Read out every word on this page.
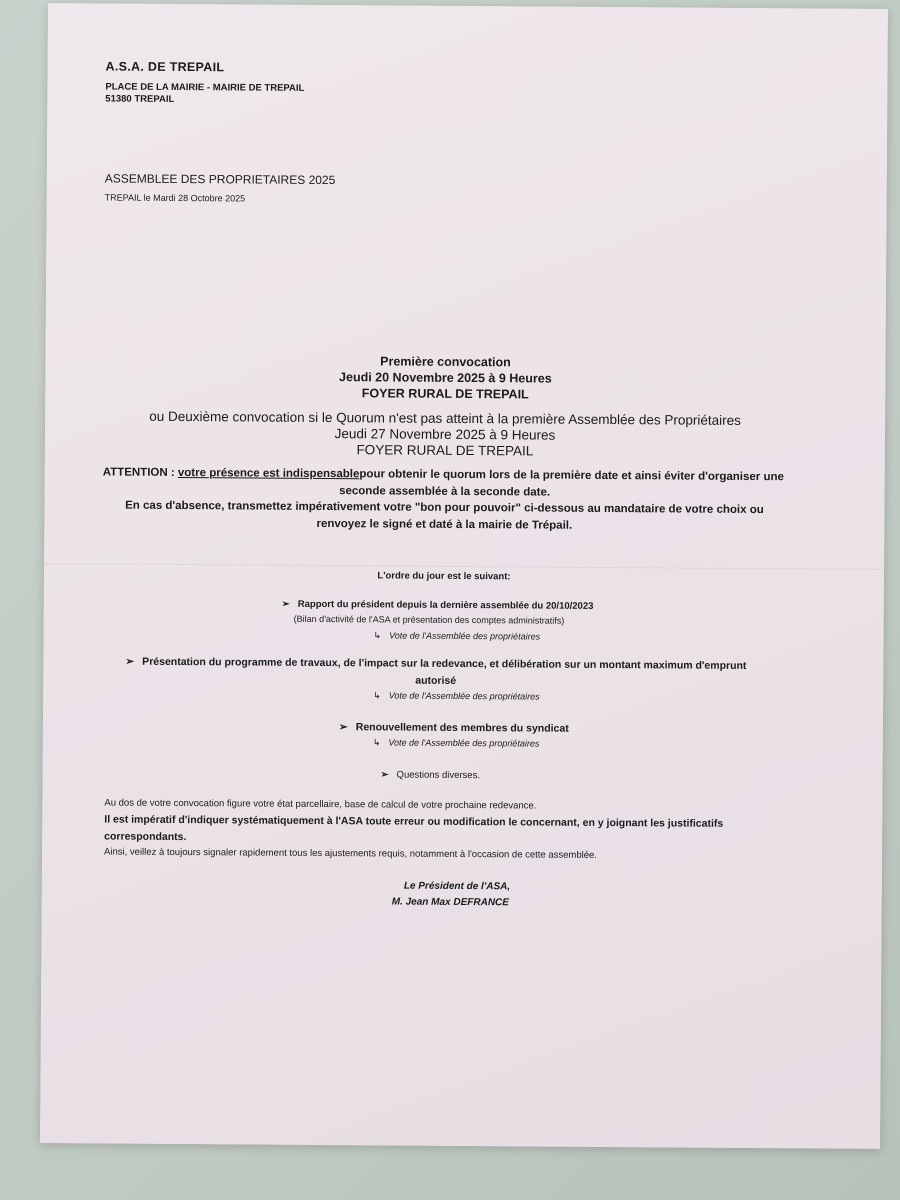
A.S.A. DE TREPAIL
PLACE DE LA MAIRIE - MAIRIE DE TREPAIL
51380 TREPAIL
ASSEMBLEE DES PROPRIETAIRES 2025
TREPAIL le Mardi 28 Octobre 2025
Première convocation
Jeudi 20 Novembre 2025 à 9 Heures
FOYER RURAL DE TREPAIL
ou Deuxième convocation si le Quorum n'est pas atteint à la première Assemblée des Propriétaires
Jeudi 27 Novembre 2025 à 9 Heures
FOYER RURAL DE TREPAIL
ATTENTION : votre présence est indispensablepour obtenir le quorum lors de la première date et ainsi éviter d'organiser une
seconde assemblée à la seconde date.
En cas d'absence, transmettez impérativement votre "bon pour pouvoir" ci-dessous au mandataire de votre choix ou
renvoyez le signé et daté à la mairie de Trépail.
L'ordre du jour est le suivant:
➢ Rapport du président depuis la dernière assemblée du 20/10/2023
(Bilan d'activité de l'ASA et présentation des comptes administratifs)
↳ Vote de l'Assemblée des propriétaires
➢ Présentation du programme de travaux, de l'impact sur la redevance, et délibération sur un montant maximum d'emprunt
autorisé
↳ Vote de l'Assemblée des propriétaires
➢ Renouvellement des membres du syndicat
↳ Vote de l'Assemblée des propriétaires
➢ Questions diverses.
Au dos de votre convocation figure votre état parcellaire, base de calcul de votre prochaine redevance.
Il est impératif d'indiquer systématiquement à l'ASA toute erreur ou modification le concernant, en y joignant les justificatifs
correspondants.
Ainsi, veillez à toujours signaler rapidement tous les ajustements requis, notamment à l'occasion de cette assemblée.
Le Président de l'ASA,
M. Jean Max DEFRANCE
